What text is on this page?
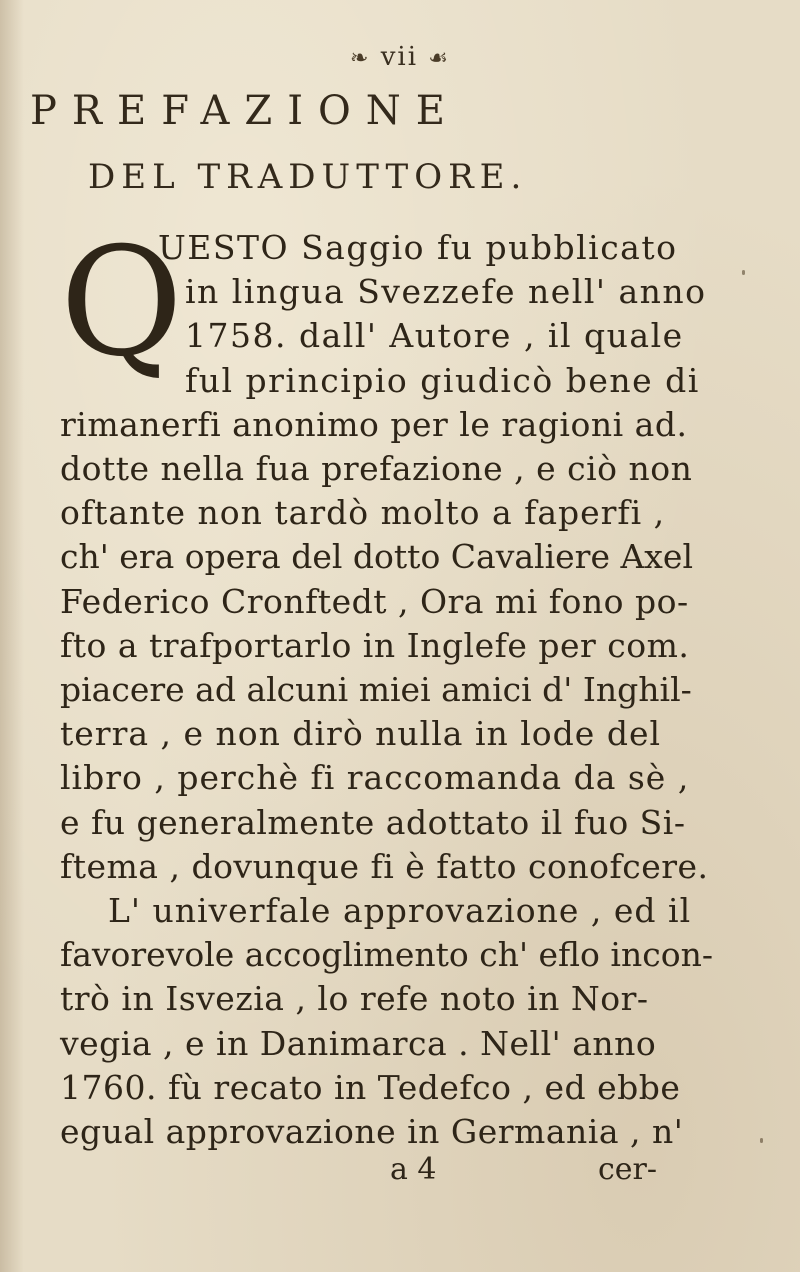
❧ vii ☙
PREFAZIONE
DEL TRADUTTORE.
Q
UESTO Saggio fu pubblicato
in lingua Svezzefe nell' anno
1758. dall' Autore , il quale
ful principio giudicò bene di
rimanerfi anonimo per le ragioni ad.
dotte nella fua prefazione , e ciò non
oftante non tardò molto a faperfi ,
ch' era opera del dotto Cavaliere Axel
Federico Cronftedt , Ora mi fono po-
fto a trafportarlo in Inglefe per com.
piacere ad alcuni miei amici d' Inghil-
terra , e non dirò nulla in lode del
libro , perchè fi raccomanda da sè ,
e fu generalmente adottato il fuo Si-
ftema , dovunque fi è fatto conofcere.
L' univerfale approvazione , ed il
favorevole accoglimento ch' eflo incon-
trò in Isvezia , lo refe noto in Nor-
vegia , e in Danimarca . Nell' anno
1760. fù recato in Tedefco , ed ebbe
egual approvazione in Germania , n'
a 4	cer-
